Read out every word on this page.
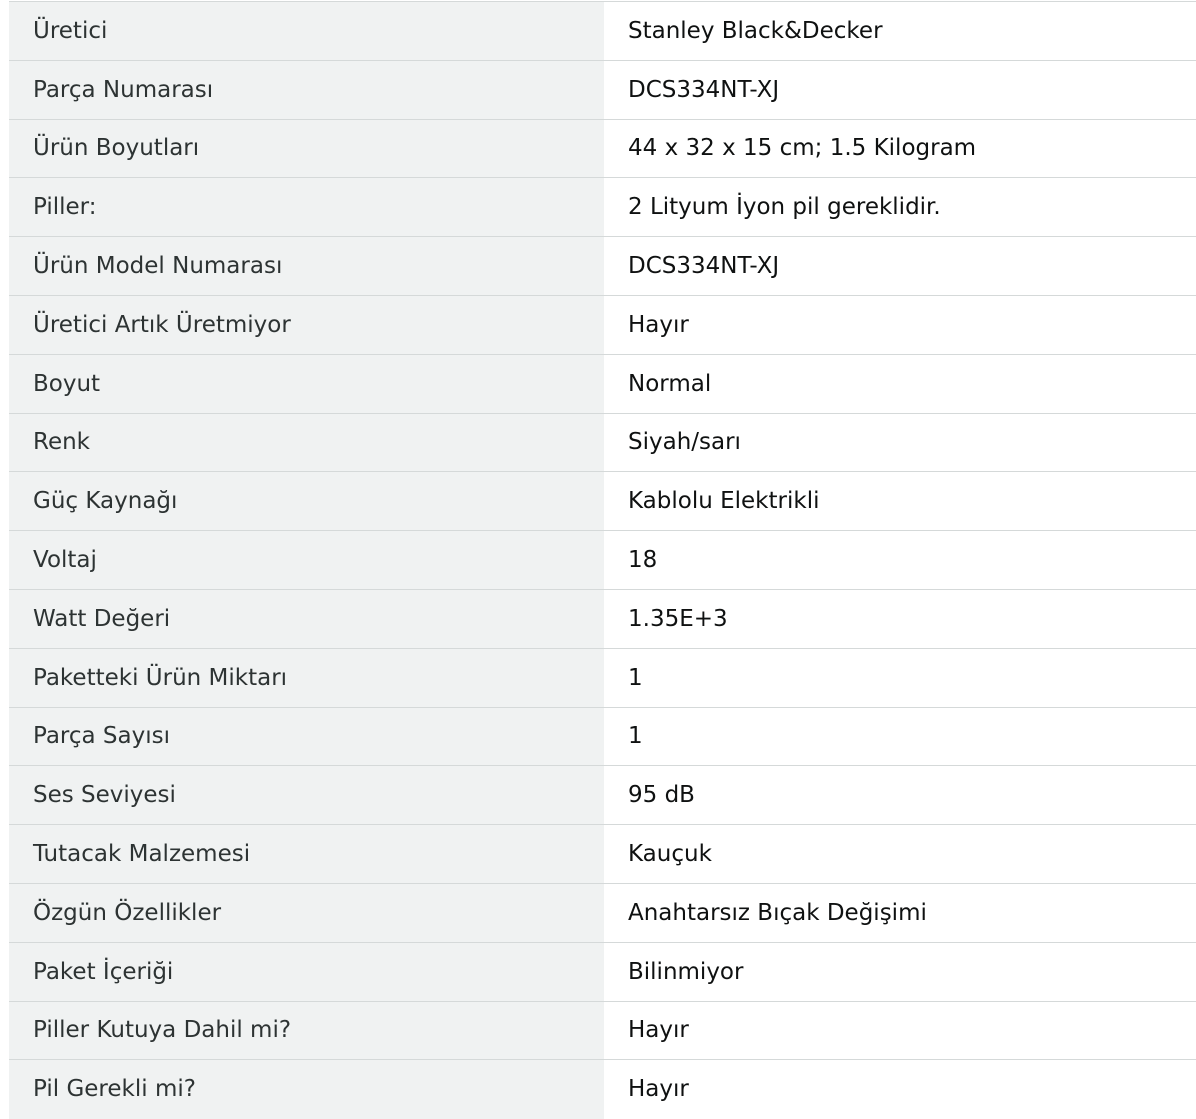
Üretici	Stanley Black&Decker
Parça Numarası	DCS334NT-XJ
Ürün Boyutları	44 x 32 x 15 cm; 1.5 Kilogram
Piller:	2 Lityum İyon pil gereklidir.
Ürün Model Numarası	DCS334NT-XJ
Üretici Artık Üretmiyor	Hayır
Boyut	Normal
Renk	Siyah/sarı
Güç Kaynağı	Kablolu Elektrikli
Voltaj	18
Watt Değeri	1.35E+3
Paketteki Ürün Miktarı	1
Parça Sayısı	1
Ses Seviyesi	95 dB
Tutacak Malzemesi	Kauçuk
Özgün Özellikler	Anahtarsız Bıçak Değişimi
Paket İçeriği	Bilinmiyor
Piller Kutuya Dahil mi?	Hayır
Pil Gerekli mi?	Hayır
